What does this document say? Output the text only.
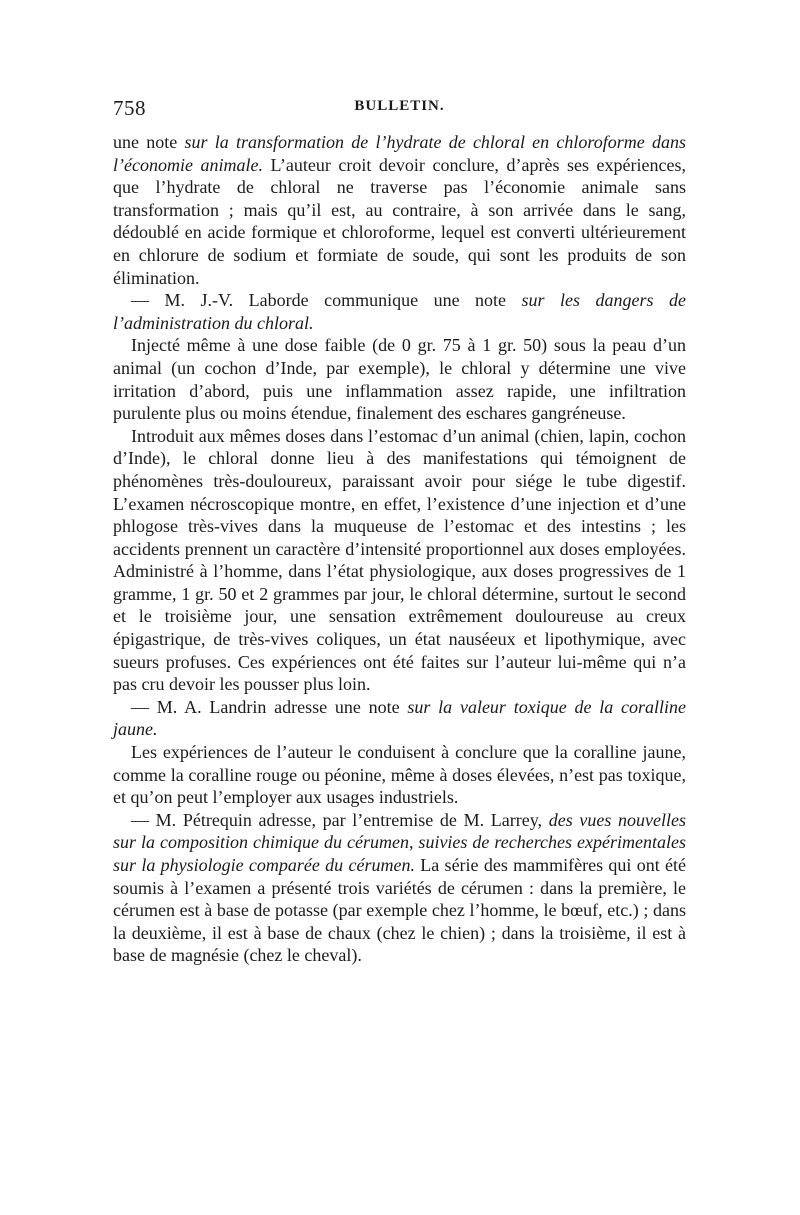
758	BULLETIN.

une note sur la transformation de l’hydrate de chloral en chloroforme dans l’économie animale. L’auteur croit devoir conclure, d’après ses expériences, que l’hydrate de chloral ne traverse pas l’économie animale sans transformation ; mais qu’il est, au contraire, à son arrivée dans le sang, dédoublé en acide formique et chloroforme, lequel est converti ultérieurement en chlorure de sodium et formiate de soude, qui sont les produits de son élimination.

— M. J.-V. Laborde communique une note sur les dangers de l’administration du chloral.

Injecté même à une dose faible (de 0 gr. 75 à 1 gr. 50) sous la peau d’un animal (un cochon d’Inde, par exemple), le chloral y détermine une vive irritation d’abord, puis une inflammation assez rapide, une infiltration purulente plus ou moins étendue, finalement des eschares gangréneuse.

Introduit aux mêmes doses dans l’estomac d’un animal (chien, lapin, cochon d’Inde), le chloral donne lieu à des manifestations qui témoignent de phénomènes très-douloureux, paraissant avoir pour siége le tube digestif. L’examen nécroscopique montre, en effet, l’existence d’une injection et d’une phlogose très-vives dans la muqueuse de l’estomac et des intestins ; les accidents prennent un caractère d’intensité proportionnel aux doses employées. Administré à l’homme, dans l’état physiologique, aux doses progressives de 1 gramme, 1 gr. 50 et 2 grammes par jour, le chloral détermine, surtout le second et le troisième jour, une sensation extrêmement douloureuse au creux épigastrique, de très-vives coliques, un état nauséeux et lipothymique, avec sueurs profuses. Ces expériences ont été faites sur l’auteur lui-même qui n’a pas cru devoir les pousser plus loin.

— M. A. Landrin adresse une note sur la valeur toxique de la coralline jaune.

Les expériences de l’auteur le conduisent à conclure que la coralline jaune, comme la coralline rouge ou péonine, même à doses élevées, n’est pas toxique, et qu’on peut l’employer aux usages industriels.

— M. Pétrequin adresse, par l’entremise de M. Larrey, des vues nouvelles sur la composition chimique du cérumen, suivies de recherches expérimentales sur la physiologie comparée du cérumen. La série des mammifères qui ont été soumis à l’examen a présenté trois variétés de cérumen : dans la première, le cérumen est à base de potasse (par exemple chez l’homme, le bœuf, etc.) ; dans la deuxième, il est à base de chaux (chez le chien) ; dans la troisième, il est à base de magnésie (chez le cheval).
